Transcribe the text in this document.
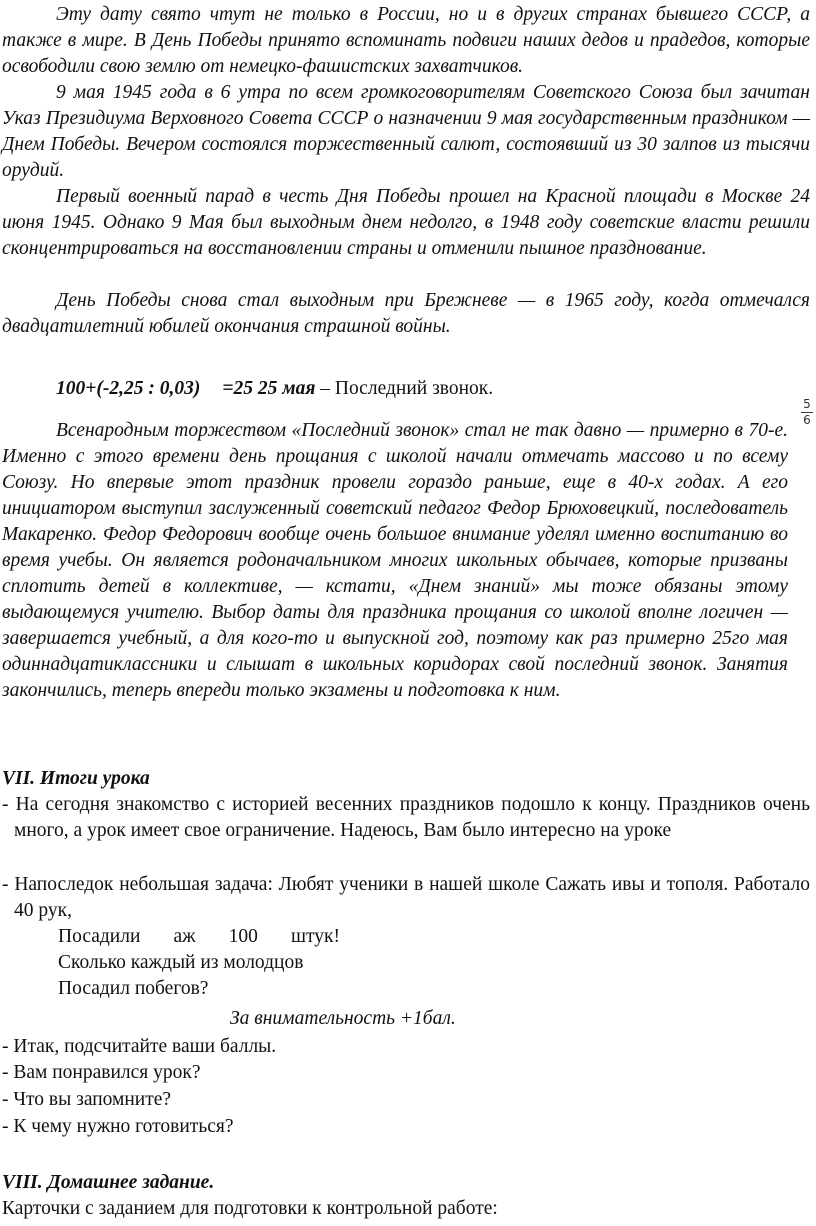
Эту дату свято чтут не только в России, но и в других странах бывшего СССР, а также в мире. В День Победы принято вспоминать подвиги наших дедов и прадедов, которые освободили свою землю от немецко-фашистских захватчиков.

9 мая 1945 года в 6 утра по всем громкоговорителям Советского Союза был зачитан Указ Президиума Верховного Совета СССР о назначении 9 мая государственным праздником — Днем Победы. Вечером состоялся торжественный салют, состоявший из 30 залпов из тысячи орудий.

Первый военный парад в честь Дня Победы прошел на Красной площади в Москве 24 июня 1945. Однако 9 Мая был выходным днем недолго, в 1948 году советские власти решили сконцентрироваться на восстановлении страны и отменили пышное празднование.

День Победы снова стал выходным при Брежневе — в 1965 году, когда отмечался двадцатилетний юбилей окончания страшной войны.

100+(-2,25 : 0,03) =25 25 мая – Последний звонок.
5
6

Всенародным торжеством «Последний звонок» стал не так давно — примерно в 70-е. Именно с этого времени день прощания с школой начали отмечать массово и по всему Союзу. Но впервые этот праздник провели гораздо раньше, еще в 40-х годах. А его инициатором выступил заслуженный советский педагог Федор Брюховецкий, последователь Макаренко. Федор Федорович вообще очень большое внимание уделял именно воспитанию во время учебы. Он является родоначальником многих школьных обычаев, которые призваны сплотить детей в коллективе, — кстати, «Днем знаний» мы тоже обязаны этому выдающемуся учителю. Выбор даты для праздника прощания со школой вполне логичен — завершается учебный, а для кого-то и выпускной год, поэтому как раз примерно 25го мая одиннадцатиклассники и слышат в школьных коридорах свой последний звонок. Занятия закончились, теперь впереди только экзамены и подготовка к ним.

VII. Итоги урока

- На сегодня знакомство с историей весенних праздников подошло к концу. Праздников очень много, а урок имеет свое ограничение. Надеюсь, Вам было интересно на уроке

- Напоследок небольшая задача: Любят ученики в нашей школе Сажать ивы и тополя. Работало 40 рук,

Посадили аж 100 штук!
Сколько каждый из молодцов
Посадил побегов?
За внимательность +1бал.
- Итак, подсчитайте ваши баллы.
- Вам понравился урок?
- Что вы запомните?
- К чему нужно готовиться?
VIII. Домашнее задание.
Карточки с заданием для подготовки к контрольной работе:
